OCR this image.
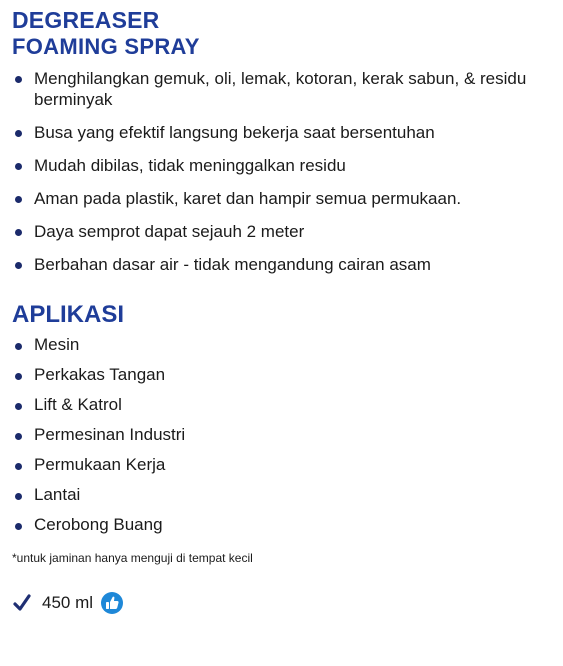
DEGREASER
FOAMING SPRAY
Menghilangkan gemuk, oli, lemak, kotoran, kerak sabun, & residu berminyak
Busa yang efektif langsung bekerja saat bersentuhan
Mudah dibilas, tidak meninggalkan residu
Aman pada plastik, karet dan hampir semua permukaan.
Daya semprot dapat sejauh 2 meter
Berbahan dasar air - tidak mengandung cairan asam
APLIKASI
Mesin
Perkakas Tangan
Lift & Katrol
Permesinan Industri
Permukaan Kerja
Lantai
Cerobong Buang

*untuk jaminan hanya menguji di tempat kecil

450 ml
